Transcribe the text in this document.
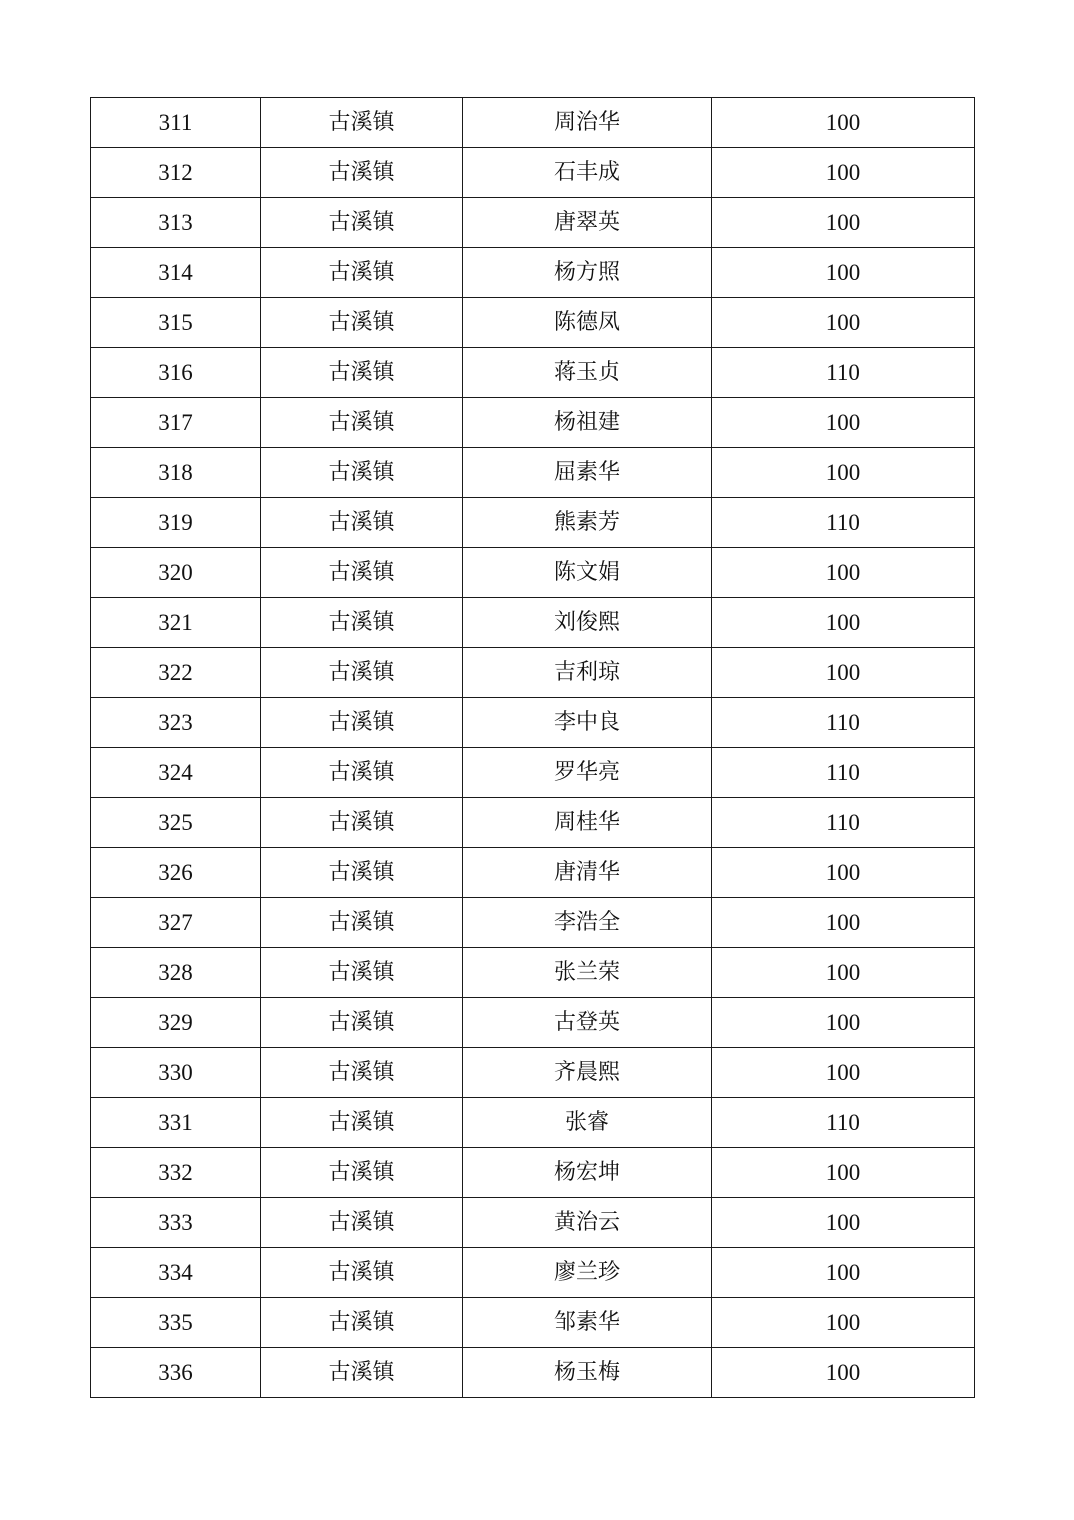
311	古溪镇	周治华	100
312	古溪镇	石丰成	100
313	古溪镇	唐翠英	100
314	古溪镇	杨方照	100
315	古溪镇	陈德凤	100
316	古溪镇	蒋玉贞	110
317	古溪镇	杨祖建	100
318	古溪镇	屈素华	100
319	古溪镇	熊素芳	110
320	古溪镇	陈文娟	100
321	古溪镇	刘俊熙	100
322	古溪镇	吉利琼	100
323	古溪镇	李中良	110
324	古溪镇	罗华亮	110
325	古溪镇	周桂华	110
326	古溪镇	唐清华	100
327	古溪镇	李浩全	100
328	古溪镇	张兰荣	100
329	古溪镇	古登英	100
330	古溪镇	齐晨熙	100
331	古溪镇	张睿	110
332	古溪镇	杨宏坤	100
333	古溪镇	黄治云	100
334	古溪镇	廖兰珍	100
335	古溪镇	邹素华	100
336	古溪镇	杨玉梅	100
